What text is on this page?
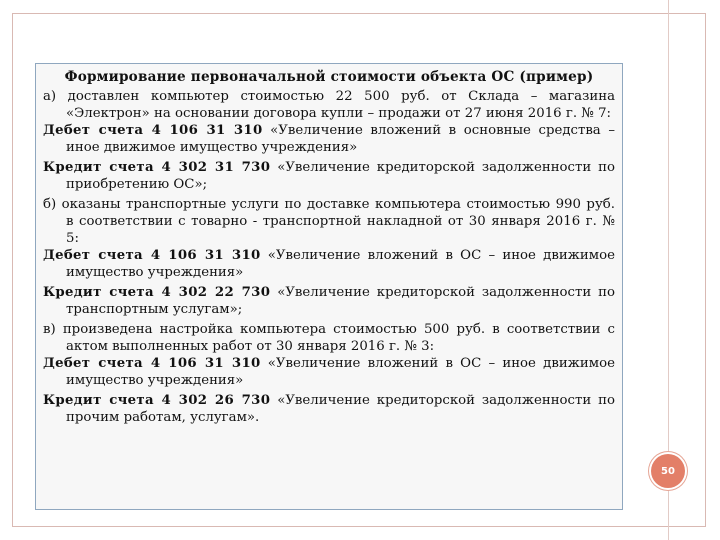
Формирование первоначальной стоимости объекта ОС (пример)

а) доставлен компьютер стоимостью 22 500 руб. от Склада – магазина «Электрон» на основании договора купли – продажи от 27 июня 2016 г. № 7:

Дебет счета 4 106 31 310 «Увеличение вложений в основные средства – иное движимое имущество учреждения»

Кредит счета 4 302 31 730 «Увеличение кредиторской задолженности по приобретению ОС»;

б) оказаны транспортные услуги по доставке компьютера стоимостью 990 руб. в соответствии с товарно - транспортной накладной от 30 января 2016 г. № 5:

Дебет счета 4 106 31 310 «Увеличение вложений в ОС – иное движимое имущество учреждения»

Кредит счета 4 302 22 730 «Увеличение кредиторской задолженности по транспортным услугам»;

в) произведена настройка компьютера стоимостью 500 руб. в соответствии с актом выполненных работ от 30 января 2016 г. № 3:

Дебет счета 4 106 31 310 «Увеличение вложений в ОС – иное движимое имущество учреждения»

Кредит счета 4 302 26 730 «Увеличение кредиторской задолженности по прочим работам, услугам».

50
